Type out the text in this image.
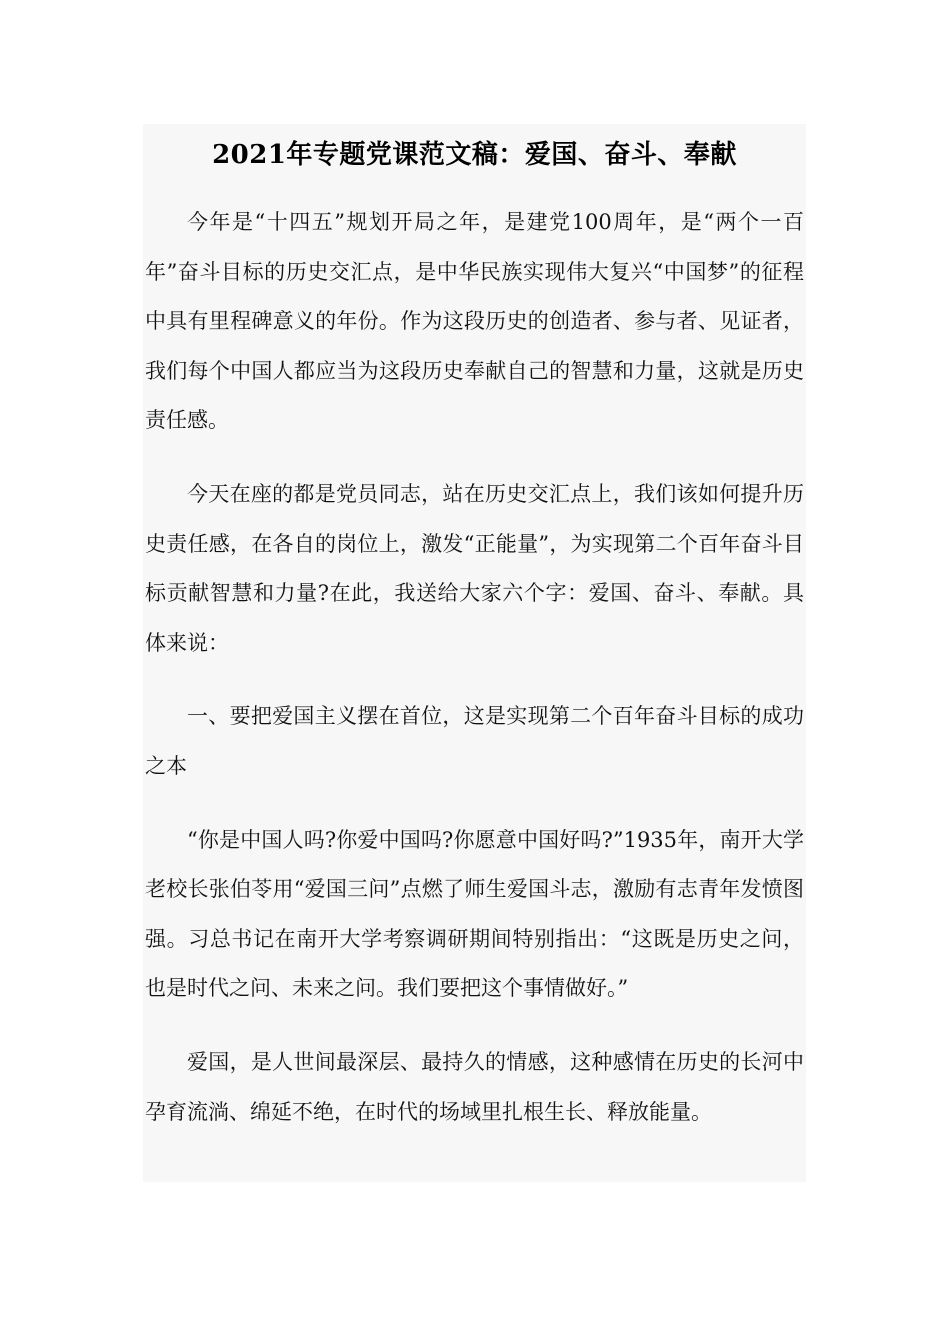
2021年专题党课范文稿：爱国、奋斗、奉献

今年是“十四五”规划开局之年，是建党100周年，是“两个一百年”奋斗目标的历史交汇点，是中华民族实现伟大复兴“中国梦”的征程中具有里程碑意义的年份。作为这段历史的创造者、参与者、见证者，我们每个中国人都应当为这段历史奉献自己的智慧和力量，这就是历史责任感。

今天在座的都是党员同志，站在历史交汇点上，我们该如何提升历史责任感，在各自的岗位上，激发“正能量”，为实现第二个百年奋斗目标贡献智慧和力量?在此，我送给大家六个字：爱国、奋斗、奉献。具体来说：

一、要把爱国主义摆在首位，这是实现第二个百年奋斗目标的成功之本

“你是中国人吗?你爱中国吗?你愿意中国好吗?”1935年，南开大学老校长张伯苓用“爱国三问”点燃了师生爱国斗志，激励有志青年发愤图强。习总书记在南开大学考察调研期间特别指出：“这既是历史之问，也是时代之问、未来之问。我们要把这个事情做好。”

爱国，是人世间最深层、最持久的情感，这种感情在历史的长河中孕育流淌、绵延不绝，在时代的场域里扎根生长、释放能量。
